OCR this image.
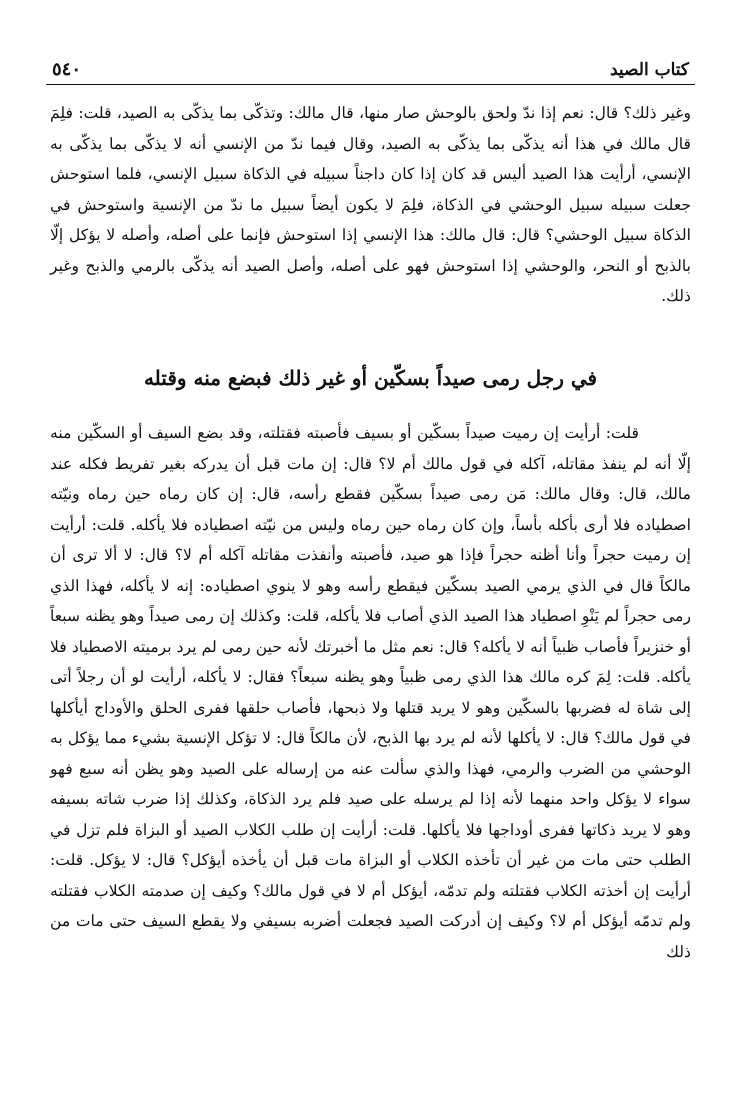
كتاب الصيد
٥٤٠

وغير ذلك؟ قال: نعم إذا ندّ ولحق بالوحش صار منها، قال مالك: وتذكّى بما يذكّى به الصيد، قلت: فلِمَ قال مالك في هذا أنه يذكّى بما يذكّى به الصيد، وقال فيما ندّ من الإنسي أنه لا يذكّى بما يذكّى به الإنسي، أرأيت هذا الصيد أليس قد كان إذا كان داجناً سبيله في الذكاة سبيل الإنسي، فلما استوحش جعلت سبيله سبيل الوحشي في الذكاة، فلِمَ لا يكون أيضاً سبيل ما ندّ من الإنسية واستوحش في الذكاة سبيل الوحشي؟ قال: قال مالك: هذا الإنسي إذا استوحش فإنما على أصله، وأصله لا يؤكل إلّا بالذبح أو النحر، والوحشي إذا استوحش فهو على أصله، وأصل الصيد أنه يذكّى بالرمي والذبح وغير ذلك.

في رجل رمى صيداً بسكّين أو غير ذلك فبضع منه وقتله

قلت: أرأيت إن رميت صيداً بسكّين أو بسيف فأصبته فقتلته، وقد بضع السيف أو السكّين منه إلّا أنه لم ينفذ مقاتله، آكله في قول مالك أم لا؟ قال: إن مات قبل أن يدركه بغير تفريط فكله عند مالك، قال: وقال مالك: مَن رمى صيداً بسكّين فقطع رأسه، قال: إن كان رماه حين رماه ونيّته اصطياده فلا أرى بأكله بأساً، وإن كان رماه حين رماه وليس من نيّته اصطياده فلا يأكله. قلت: أرأيت إن رميت حجراً وأنا أظنه حجراً فإذا هو صيد، فأصبته وأنفذت مقاتله آكله أم لا؟ قال: لا ألا ترى أن مالكاً قال في الذي يرمي الصيد بسكّين فيقطع رأسه وهو لا ينوي اصطياده: إنه لا يأكله، فهذا الذي رمى حجراً لم يَنْوِ اصطياد هذا الصيد الذي أصاب فلا يأكله، قلت: وكذلك إن رمى صيداً وهو يظنه سبعاً أو خنزيراً فأصاب ظبياً أنه لا يأكله؟ قال: نعم مثل ما أخبرتك لأنه حين رمى لم يرد برميته الاصطياد فلا يأكله. قلت: لِمَ كره مالك هذا الذي رمى ظبياً وهو يظنه سبعاً؟ فقال: لا يأكله، أرأيت لو أن رجلاً أتى إلى شاة له فضربها بالسكّين وهو لا يريد قتلها ولا ذبحها، فأصاب حلقها ففرى الحلق والأوداج أيأكلها في قول مالك؟ قال: لا يأكلها لأنه لم يرد بها الذبح، لأن مالكاً قال: لا تؤكل الإنسية بشيء مما يؤكل به الوحشي من الضرب والرمي، فهذا والذي سألت عنه من إرساله على الصيد وهو يظن أنه سبع فهو سواء لا يؤكل واحد منهما لأنه إذا لم يرسله على صيد فلم يرد الذكاة، وكذلك إذا ضرب شاته بسيفه وهو لا يريد ذكاتها ففرى أوداجها فلا يأكلها. قلت: أرأيت إن طلب الكلاب الصيد أو البزاة فلم تزل في الطلب حتى مات من غير أن تأخذه الكلاب أو البزاة مات قبل أن يأخذه أيؤكل؟ قال: لا يؤكل. قلت: أرأيت إن أخذته الكلاب فقتلته ولم تدمّه، أيؤكل أم لا في قول مالك؟ وكيف إن صدمته الكلاب فقتلته ولم تدمّه أيؤكل أم لا؟ وكيف إن أدركت الصيد فجعلت أضربه بسيفي ولا يقطع السيف حتى مات من ذلك
